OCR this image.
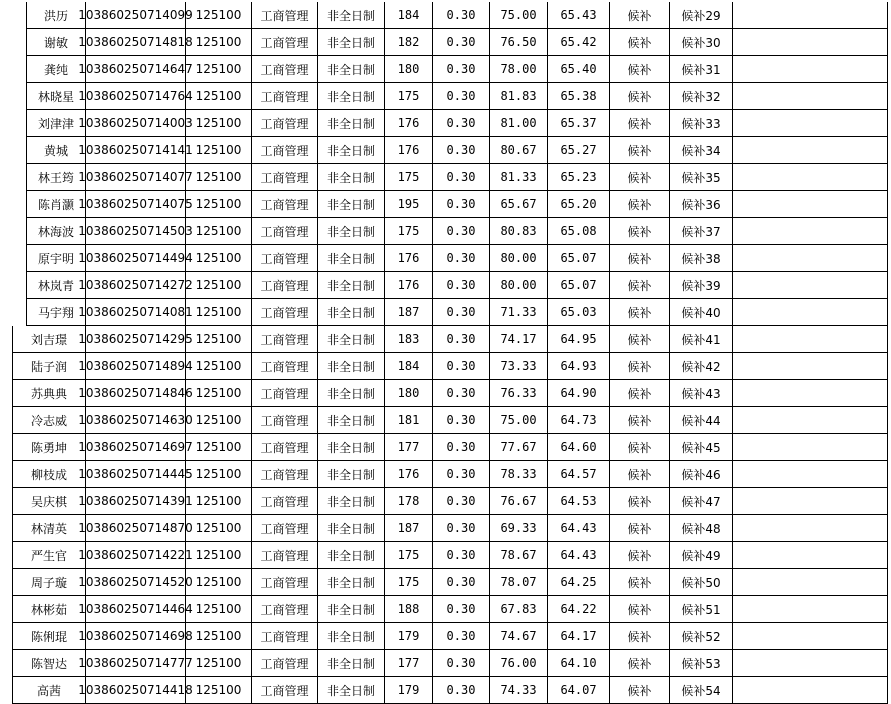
洪历 103860250714099 125100	工商管理	非全日制	184	0.30	75.00	65.43	候补	候补29
谢敏 103860250714818 125100	工商管理	非全日制	182	0.30	76.50	65.42	候补	候补30
龚纯 103860250714647 125100	工商管理	非全日制	180	0.30	78.00	65.40	候补	候补31
林晓星 103860250714764 125100	工商管理	非全日制	175	0.30	81.83	65.38	候补	候补32
刘津津 103860250714003 125100	工商管理	非全日制	176	0.30	81.00	65.37	候补	候补33
黄城 103860250714141 125100	工商管理	非全日制	176	0.30	80.67	65.27	候补	候补34
林王筠 103860250714077 125100	工商管理	非全日制	175	0.30	81.33	65.23	候补	候补35
陈肖灏 103860250714075 125100	工商管理	非全日制	195	0.30	65.67	65.20	候补	候补36
林海波 103860250714503 125100	工商管理	非全日制	175	0.30	80.83	65.08	候补	候补37
原宇明 103860250714494 125100	工商管理	非全日制	176	0.30	80.00	65.07	候补	候补38
林岚青 103860250714272 125100	工商管理	非全日制	176	0.30	80.00	65.07	候补	候补39
马宇翔 103860250714081 125100	工商管理	非全日制	187	0.30	71.33	65.03	候补	候补40
刘吉璟 103860250714295 125100	工商管理	非全日制	183	0.30	74.17	64.95	候补	候补41
陆子润 103860250714894 125100	工商管理	非全日制	184	0.30	73.33	64.93	候补	候补42
苏典典 103860250714846 125100	工商管理	非全日制	180	0.30	76.33	64.90	候补	候补43
冷志威 103860250714630 125100	工商管理	非全日制	181	0.30	75.00	64.73	候补	候补44
陈勇坤 103860250714697 125100	工商管理	非全日制	177	0.30	77.67	64.60	候补	候补45
柳枝成 103860250714445 125100	工商管理	非全日制	176	0.30	78.33	64.57	候补	候补46
吴庆棋 103860250714391 125100	工商管理	非全日制	178	0.30	76.67	64.53	候补	候补47
林清英 103860250714870 125100	工商管理	非全日制	187	0.30	69.33	64.43	候补	候补48
严生官 103860250714221 125100	工商管理	非全日制	175	0.30	78.67	64.43	候补	候补49
周子璇 103860250714520 125100	工商管理	非全日制	175	0.30	78.07	64.25	候补	候补50
林彬茹 103860250714464 125100	工商管理	非全日制	188	0.30	67.83	64.22	候补	候补51
陈俐琨 103860250714698 125100	工商管理	非全日制	179	0.30	74.67	64.17	候补	候补52
陈智达 103860250714777 125100	工商管理	非全日制	177	0.30	76.00	64.10	候补	候补53
高茜	103860250714418 125100	工商管理	非全日制	179	0.30	74.33	64.07	候补	候补54
